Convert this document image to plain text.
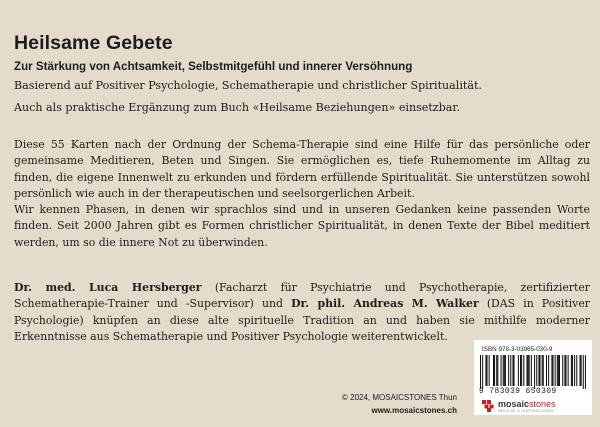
Heilsame Gebete
Zur Stärkung von Achtsamkeit, Selbstmitgefühl und innerer Versöhnung
Basierend auf Positiver Psychologie, Schematherapie und christlicher Spiritualität.
Auch als praktische Ergänzung zum Buch «Heilsame Beziehungen» einsetzbar.
Diese 55 Karten nach der Ordnung der Schema-Therapie sind eine Hilfe für das persönliche oder gemeinsame Meditieren, Beten und Singen. Sie ermöglichen es, tiefe Ruhemomente im Alltag zu finden, die eigene Innenwelt zu erkunden und fördern erfüllende Spiritualität. Sie unterstützen sowohl persönlich wie auch in der therapeutischen und seelsorgerlichen Arbeit.
Wir kennen Phasen, in denen wir sprachlos sind und in unseren Gedanken keine passenden Worte finden. Seit 2000 Jahren gibt es Formen christlicher Spiritualität, in denen Texte der Bibel meditiert werden, um so die innere Not zu überwinden.
Dr. med. Luca Hersberger (Facharzt für Psychiatrie und Psychotherapie, zertifizierter Schematherapie-Trainer und -Supervisor) und Dr. phil. Andreas M. Walker (DAS in Positiver Psychologie) knüpfen an diese alte spirituelle Tradition an und haben sie mithilfe moderner Erkenntnisse aus Schematherapie und Positiver Psychologie weiterentwickelt.
ISBN 978-3-03965-030-9
9 783039 650309
mosaicstones
IMPULSE & INSPIRATIONEN
© 2024, MOSAICSTONES Thun
www.mosaicstones.ch
